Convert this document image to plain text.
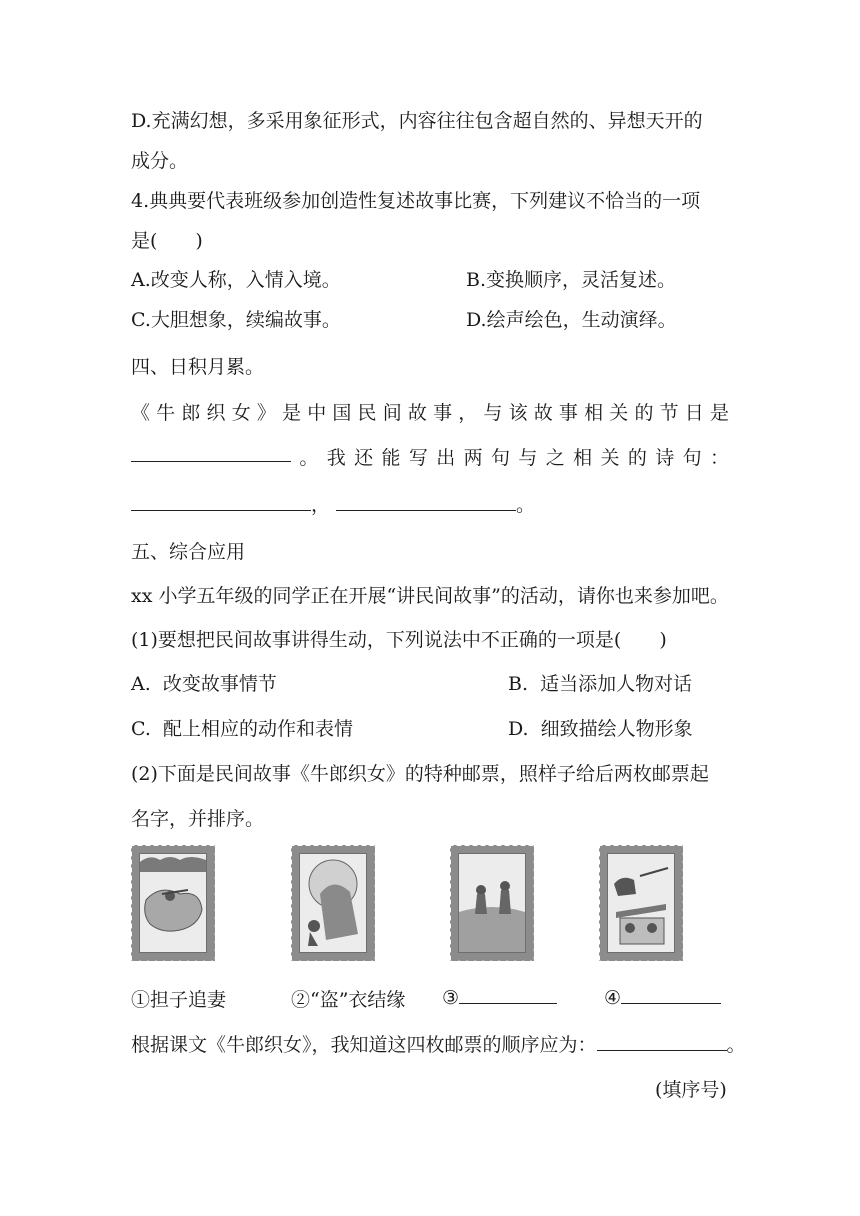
D.充满幻想，多采用象征形式，内容往往包含超自然的、异想天开的
成分。
4.典典要代表班级参加创造性复述故事比赛，下列建议不恰当的一项
是(　　)
A.改变人称，入情入境。	B.变换顺序，灵活复述。
C.大胆想象，续编故事。	D.绘声绘色，生动演绎。
四、日积月累。
《 牛 郎 织 女 》 是 中 国 民 间 故 事 ， 与 该 故 事 相 关 的 节 日 是
。 我 还 能 写 出 两 句 与 之 相 关 的 诗 句 ：
，	。
五、综合应用
xx 小学五年级的同学正在开展“讲民间故事”的活动，请你也来参加吧。
(1)要想把民间故事讲得生动，下列说法中不正确的一项是(　　)
A.  改变故事情节	B.  适当添加人物对话
C.  配上相应的动作和表情	D.  细致描绘人物形象
(2)下面是民间故事《牛郎织女》的特种邮票，照样子给后两枚邮票起
名字，并排序。
①担子追妻	②“盗”衣结缘 ③	④
根据课文《牛郎织女》，我知道这四枚邮票的顺序应为：	。
(填序号)
